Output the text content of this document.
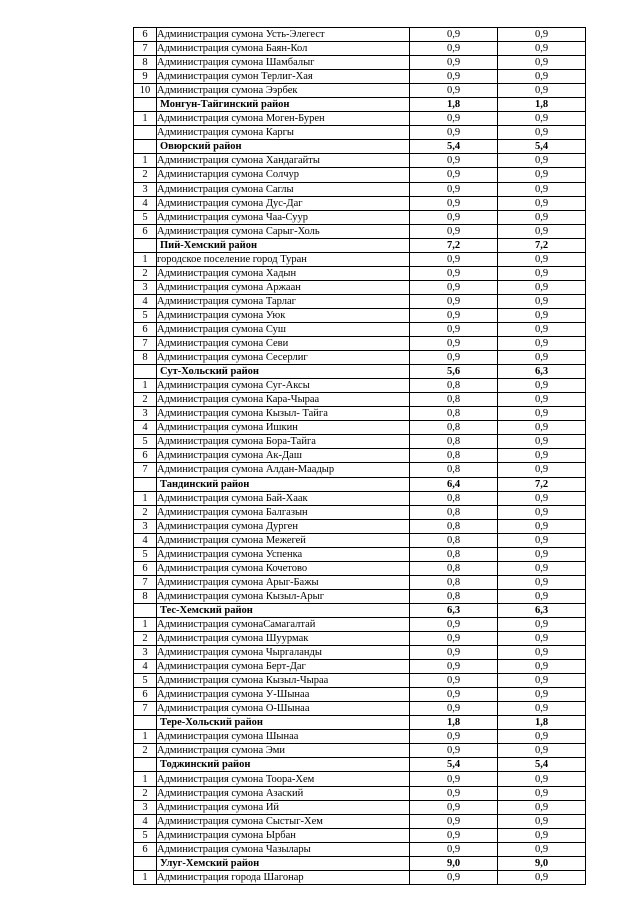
6	Администрация сумона Усть-Элегест	0,9	0,9
7	Администрация сумона Баян-Кол	0,9	0,9
8	Администрация сумона Шамбалыг	0,9	0,9
9	Администрация сумон Терлиг-Хая	0,9	0,9
10	Администрация сумона Ээрбек	0,9	0,9
	Монгун-Тайгинский район	1,8	1,8
1	Администрация сумона Моген-Бурен	0,9	0,9
	Администрация сумона Каргы	0,9	0,9
	Овюрский район	5,4	5,4
1	Администрация сумона Хандагайты	0,9	0,9
2	Администарция сумона Солчур	0,9	0,9
3	Администрация сумона Саглы	0,9	0,9
4	Администрация сумона Дус-Даг	0,9	0,9
5	Администрация сумона Чаа-Суур	0,9	0,9
6	Администрация сумона Сарыг-Холь	0,9	0,9
	Пий-Хемский район	7,2	7,2
1	городское поселение город Туран	0,9	0,9
2	Администрация сумона Хадын	0,9	0,9
3	Администрация сумона Аржаан	0,9	0,9
4	Администрация сумона Тарлаг	0,9	0,9
5	Администрация сумона Уюк	0,9	0,9
6	Администрация сумона Суш	0,9	0,9
7	Администрация сумона Севи	0,9	0,9
8	Администрация сумона Сесерлиг	0,9	0,9
	Сут-Хольский район	5,6	6,3
1	Администрация сумона Суг-Аксы	0,8	0,9
2	Администрация сумона Кара-Чыраа	0,8	0,9
3	Администрация сумона Кызыл- Тайга	0,8	0,9
4	Администрация сумона Ишкин	0,8	0,9
5	Администрация сумона Бора-Тайга	0,8	0,9
6	Администрация сумона Ак-Даш	0,8	0,9
7	Администрация сумона Алдан-Маадыр	0,8	0,9
	Тандинский район	6,4	7,2
1	Администрация сумона Бай-Хаак	0,8	0,9
2	Администрация сумона Балгазын	0,8	0,9
3	Администрация сумона Дурген	0,8	0,9
4	Администрация сумона Межегей	0,8	0,9
5	Администрация сумона Успенка	0,8	0,9
6	Администрация сумона Кочетово	0,8	0,9
7	Администрация сумона Арыг-Бажы	0,8	0,9
8	Администрация сумона Кызыл-Арыг	0,8	0,9
	Тес-Хемский район	6,3	6,3
1	Администрация сумонаСамагалтай	0,9	0,9
2	Администрация сумона Шуурмак	0,9	0,9
3	Администрация сумона Чыргаланды	0,9	0,9
4	Администрация сумона Берт-Даг	0,9	0,9
5	Администрация сумона Кызыл-Чыраа	0,9	0,9
6	Администрация сумона У-Шынаа	0,9	0,9
7	Администрация сумона О-Шынаа	0,9	0,9
	Тере-Хольский район	1,8	1,8
1	Администрация сумона Шынаа	0,9	0,9
2	Администрация сумона Эми	0,9	0,9
	Тоджинский район	5,4	5,4
1	Администрация сумона Тоора-Хем	0,9	0,9
2	Администрация сумона Азаский	0,9	0,9
3	Администрация сумона Ий	0,9	0,9
4	Администрация сумона Сыстыг-Хем	0,9	0,9
5	Администрация сумона Ырбан	0,9	0,9
6	Администрация сумона Чазылары	0,9	0,9
	Улуг-Хемский район	9,0	9,0
1	Администрация города Шагонар	0,9	0,9
